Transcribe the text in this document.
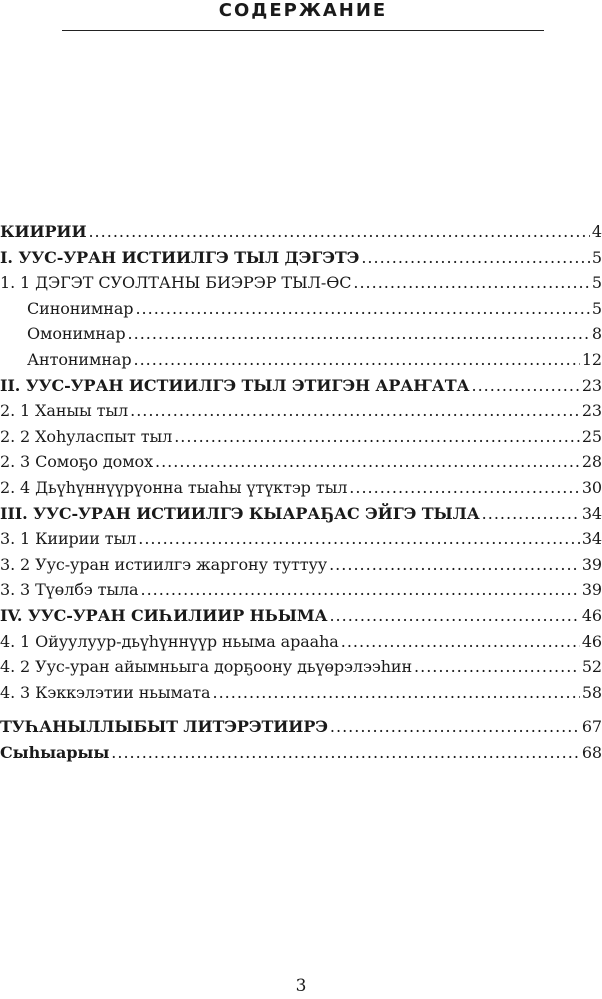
СОДЕРЖАНИЕ
КИИРИИ .....	4
I. УУС-УРАН ИСТИИЛГЭ ТЫЛ ДЭГЭТЭ .....	5
1. 1 ДЭГЭТ СУОЛТАНЫ БИЭРЭР ТЫЛ-ӨС .....	5
Синонимнар .....	5
Омонимнар .....	8
Антонимнар .....	12
II. УУС-УРАН ИСТИИЛГЭ ТЫЛ ЭТИГЭН АРАҤАТА .....	23
2. 1 Ханыы тыл .....	23
2. 2 Хоһуласпыт тыл .....	25
2. 3 Сомоҕо домох .....	28
2. 4 Дьүһүннүүрүонна тыаһы үтүктэр тыл .....	30
III. УУС-УРАН ИСТИИЛГЭ КЫАРАҔАС ЭЙГЭ ТЫЛА .....	34
3. 1 Киирии тыл .....	34
3. 2 Уус-уран истиилгэ жаргону туттуу .....	39
3. 3 Түөлбэ тыла .....	39
IV. УУС-УРАН СИҺИЛИИР НЬЫМА .....	46
4. 1 Ойуулуур-дьүһүннүүр ньыма арааһа .....	46
4. 2 Уус-уран айымньыга дорҕоону дьүөрэлээһин .....	52
4. 3 Кэккэлэтии ньымата .....	58
ТУҺАНЫЛЛЫБЫТ ЛИТЭРЭТИИРЭ .....	67
Сыһыарыы .....	68
3
